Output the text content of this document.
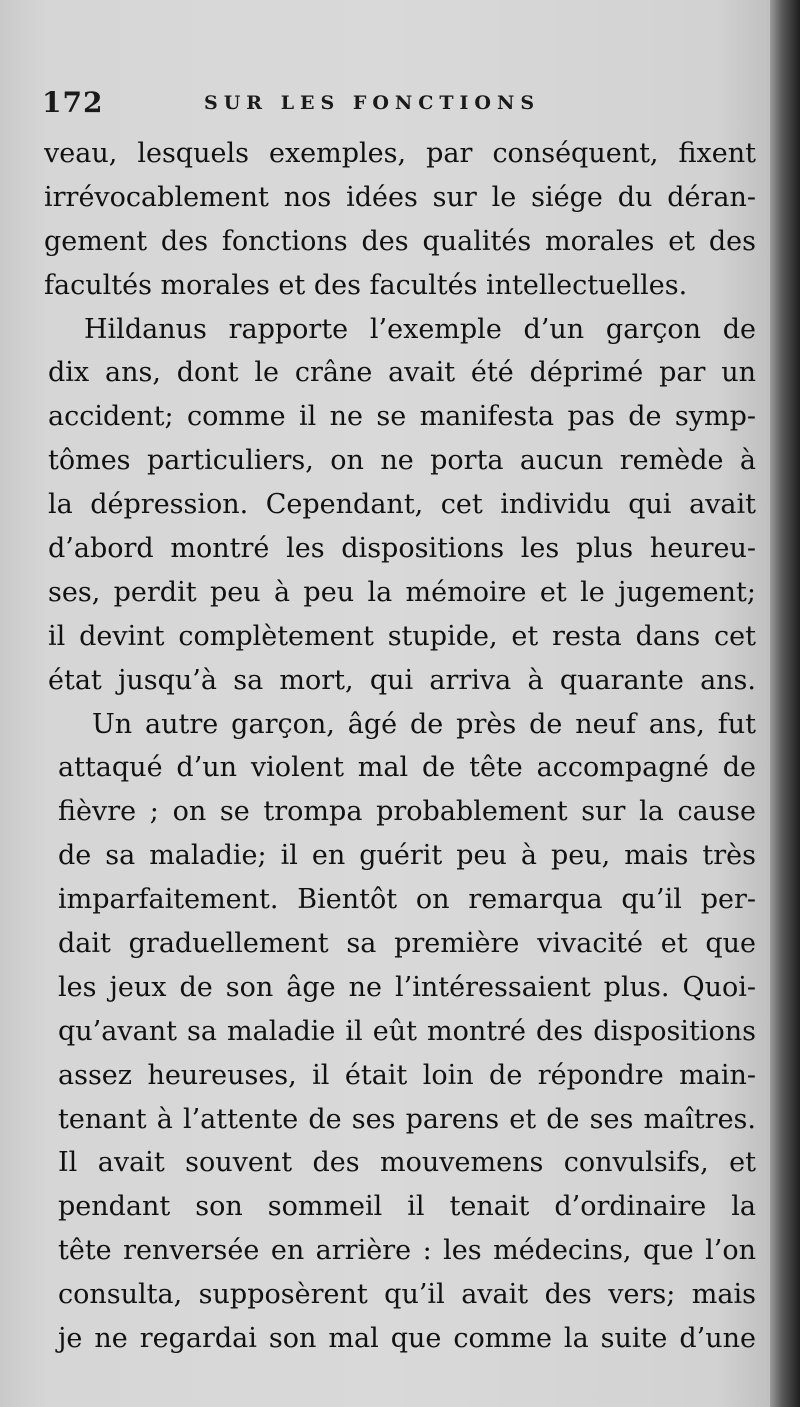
172	SUR LES FONCTIONS
veau, lesquels exemples, par conséquent, fixent
irrévocablement nos idées sur le siége du déran-
gement des fonctions des qualités morales et des
facultés morales et des facultés intellectuelles.
Hildanus rapporte l’exemple d’un garçon de
dix ans, dont le crâne avait été déprimé par un
accident; comme il ne se manifesta pas de symp-
tômes particuliers, on ne porta aucun remède à
la dépression. Cependant, cet individu qui avait
d’abord montré les dispositions les plus heureu-
ses, perdit peu à peu la mémoire et le jugement;
il devint complètement stupide, et resta dans cet
état jusqu’à sa mort, qui arriva à quarante ans.
Un autre garçon, âgé de près de neuf ans, fut
attaqué d’un violent mal de tête accompagné de
fièvre ; on se trompa probablement sur la cause
de sa maladie; il en guérit peu à peu, mais très
imparfaitement. Bientôt on remarqua qu’il per-
dait graduellement sa première vivacité et que
les jeux de son âge ne l’intéressaient plus. Quoi-
qu’avant sa maladie il eût montré des dispositions
assez heureuses, il était loin de répondre main-
tenant à l’attente de ses parens et de ses maîtres.
Il avait souvent des mouvemens convulsifs, et
pendant son sommeil il tenait d’ordinaire la
tête renversée en arrière : les médecins, que l’on
consulta, supposèrent qu’il avait des vers; mais
je ne regardai son mal que comme la suite d’une
